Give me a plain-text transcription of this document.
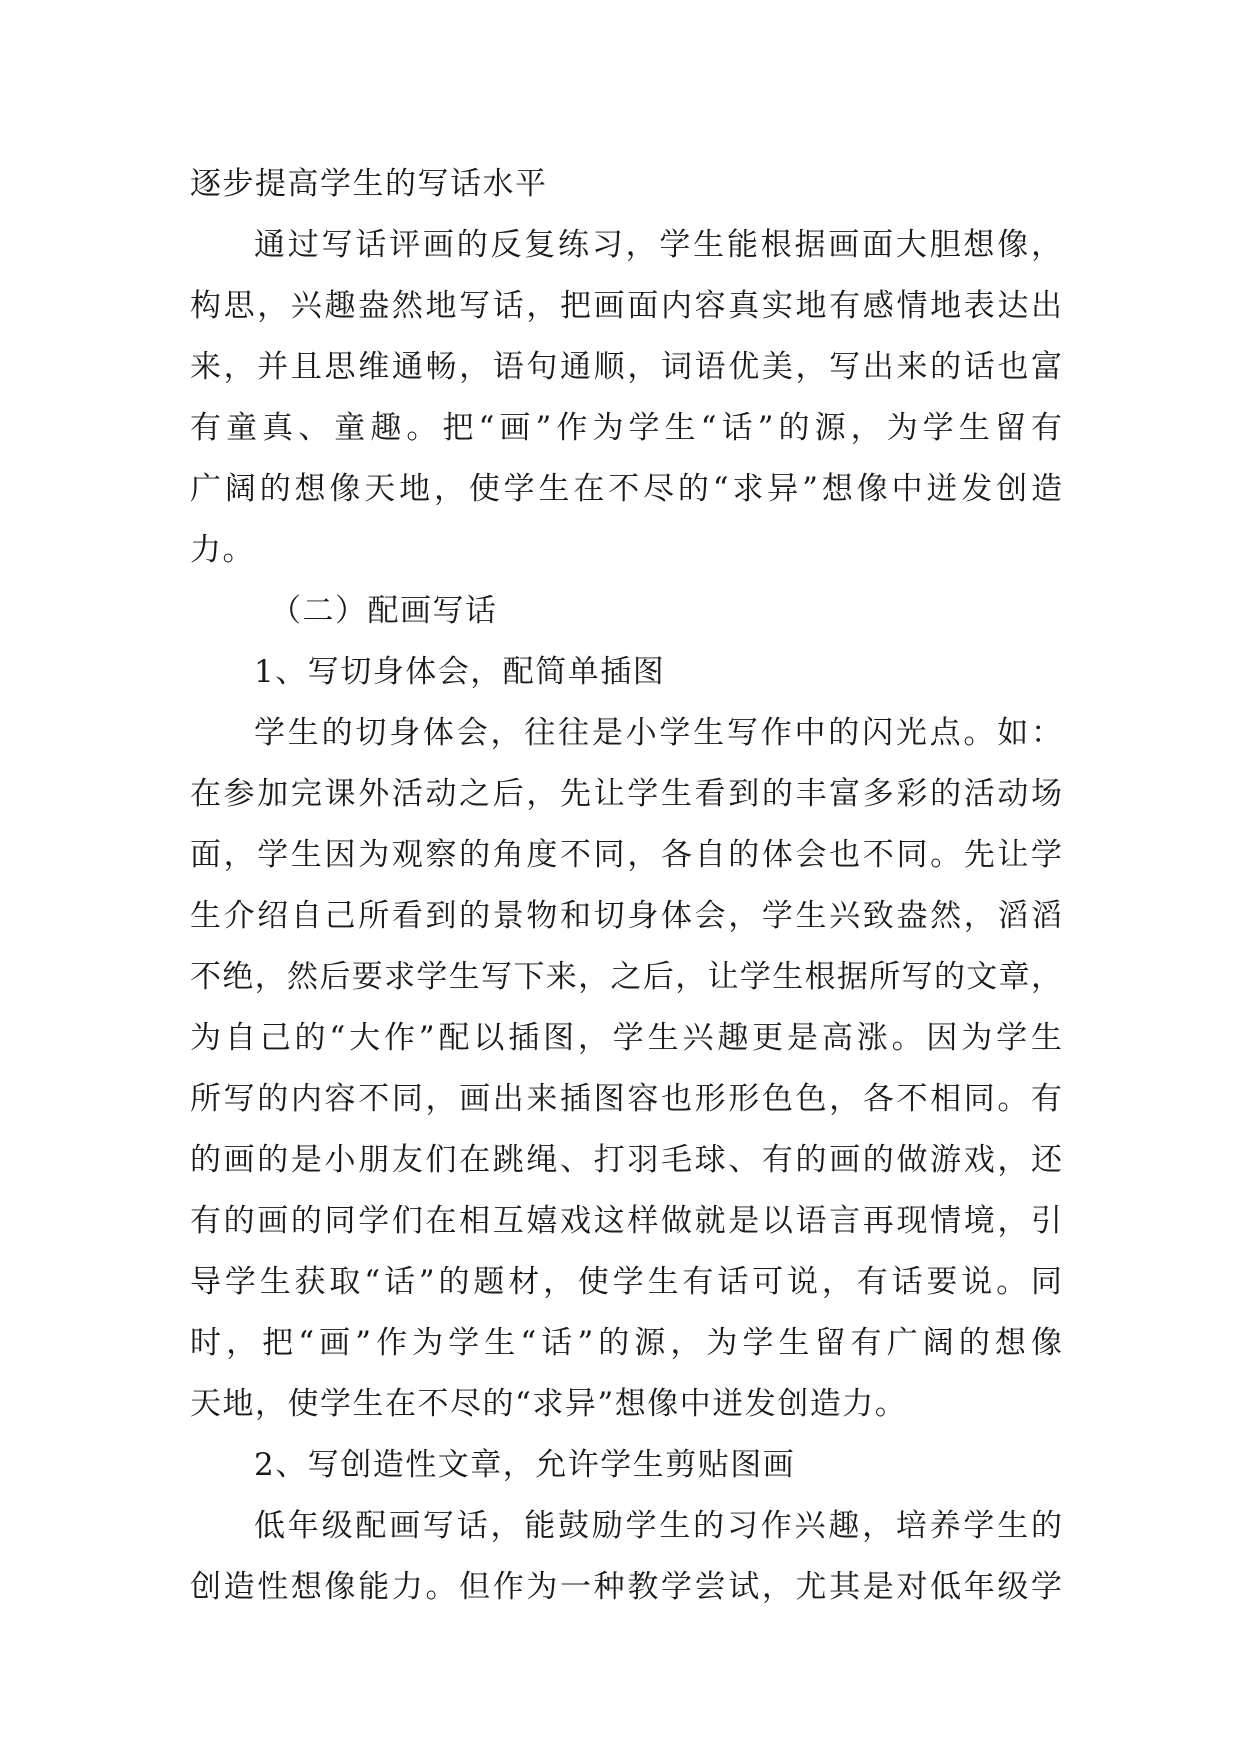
逐步提高学生的写话水平
通过写话评画的反复练习，学生能根据画面大胆想像，
构思，兴趣盎然地写话，把画面内容真实地有感情地表达出
来，并且思维通畅，语句通顺，词语优美，写出来的话也富
有童真、童趣。把“画”作为学生“话”的源，为学生留有
广阔的想像天地，使学生在不尽的“求异”想像中迸发创造
力。
（二）配画写话
1、写切身体会，配简单插图
学生的切身体会，往往是小学生写作中的闪光点。如：
在参加完课外活动之后，先让学生看到的丰富多彩的活动场
面，学生因为观察的角度不同，各自的体会也不同。先让学
生介绍自己所看到的景物和切身体会，学生兴致盎然，滔滔
不绝，然后要求学生写下来，之后，让学生根据所写的文章，
为自己的“大作”配以插图，学生兴趣更是高涨。因为学生
所写的内容不同，画出来插图容也形形色色，各不相同。有
的画的是小朋友们在跳绳、打羽毛球、有的画的做游戏，还
有的画的同学们在相互嬉戏这样做就是以语言再现情境，引
导学生获取“话”的题材，使学生有话可说，有话要说。同
时，把“画”作为学生“话”的源，为学生留有广阔的想像
天地，使学生在不尽的“求异”想像中迸发创造力。
2、写创造性文章，允许学生剪贴图画
低年级配画写话，能鼓励学生的习作兴趣，培养学生的
创造性想像能力。但作为一种教学尝试，尤其是对低年级学
